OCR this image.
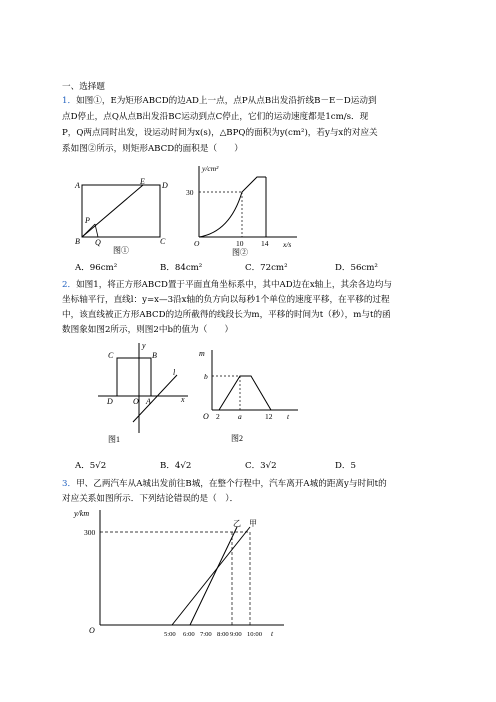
一、选择题
1．如图①，E为矩形ABCD的边AD上一点，点P从点B出发沿折线B－E－D运动到
点D停止，点Q从点B出发沿BC运动到点C停止，它们的运动速度都是1cm/s．现
P，Q两点同时出发，设运动时间为x(s)，△BPQ的面积为y(cm²)，若y与x的对应关
系如图②所示，则矩形ABCD的面积是（　　）
A	E D
B Q	C
P
图①
y/cm²
x/s
O
30
10 14
图②
A．96cm²	B．84cm²	C．72cm²	D．56cm²
2．如图1，将正方形ABCD置于平面直角坐标系中，其中AD边在x轴上，其余各边均与
坐标轴平行，直线l：y=x—3沿x轴的负方向以每秒1个单位的速度平移，在平移的过程
中，该直线被正方形ABCD的边所截得的线段长为m，平移的时间为t（秒），m与t的函
数图象如图2所示，则图2中b的值为（　　）
y
C	B
l
D	O A	x
图1
m
O
b
2 a	12 t
图2
A．5√2	B．4√2	C．3√2	D．5
3．甲、乙两汽车从A城出发前往B城，在整个行程中，汽车离开A城的距离y与时间t的
对应关系如图所示．下列结论错误的是（　）．
y/km
300
O
乙 甲
5:00 6:00 7:00 8:00 9:00 10:00 t
